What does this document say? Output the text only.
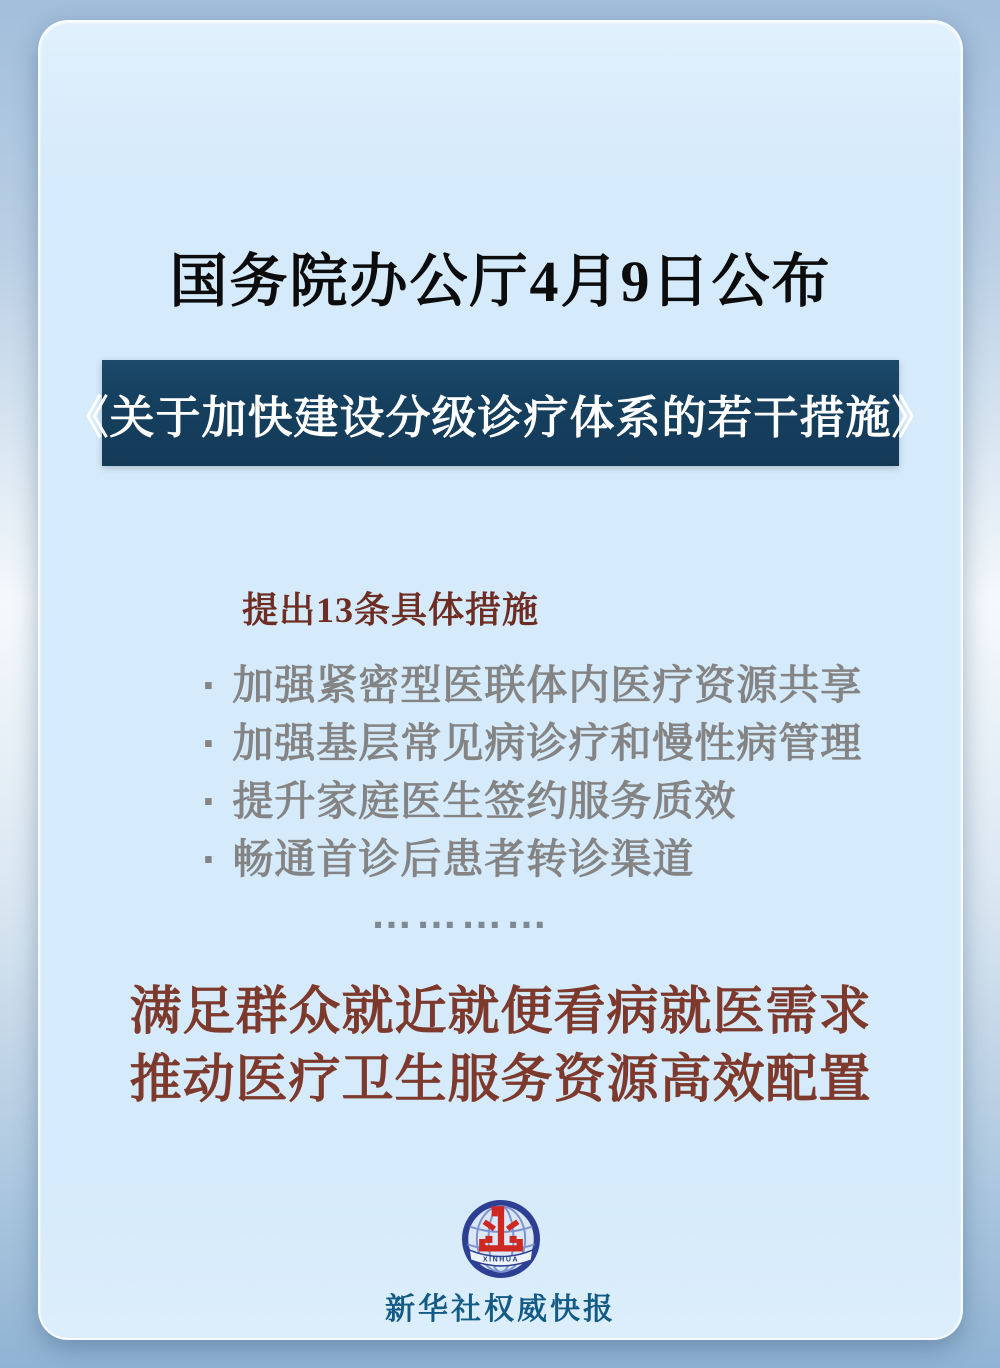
国务院办公厅4月9日公布
《关于加快建设分级诊疗体系的若干措施》
提出13条具体措施
· 加强紧密型医联体内医疗资源共享
· 加强基层常见病诊疗和慢性病管理
· 提升家庭医生签约服务质效
· 畅通首诊后患者转诊渠道
…………
满足群众就近就便看病就医需求
推动医疗卫生服务资源高效配置
XINHUA
新华社权威快报
